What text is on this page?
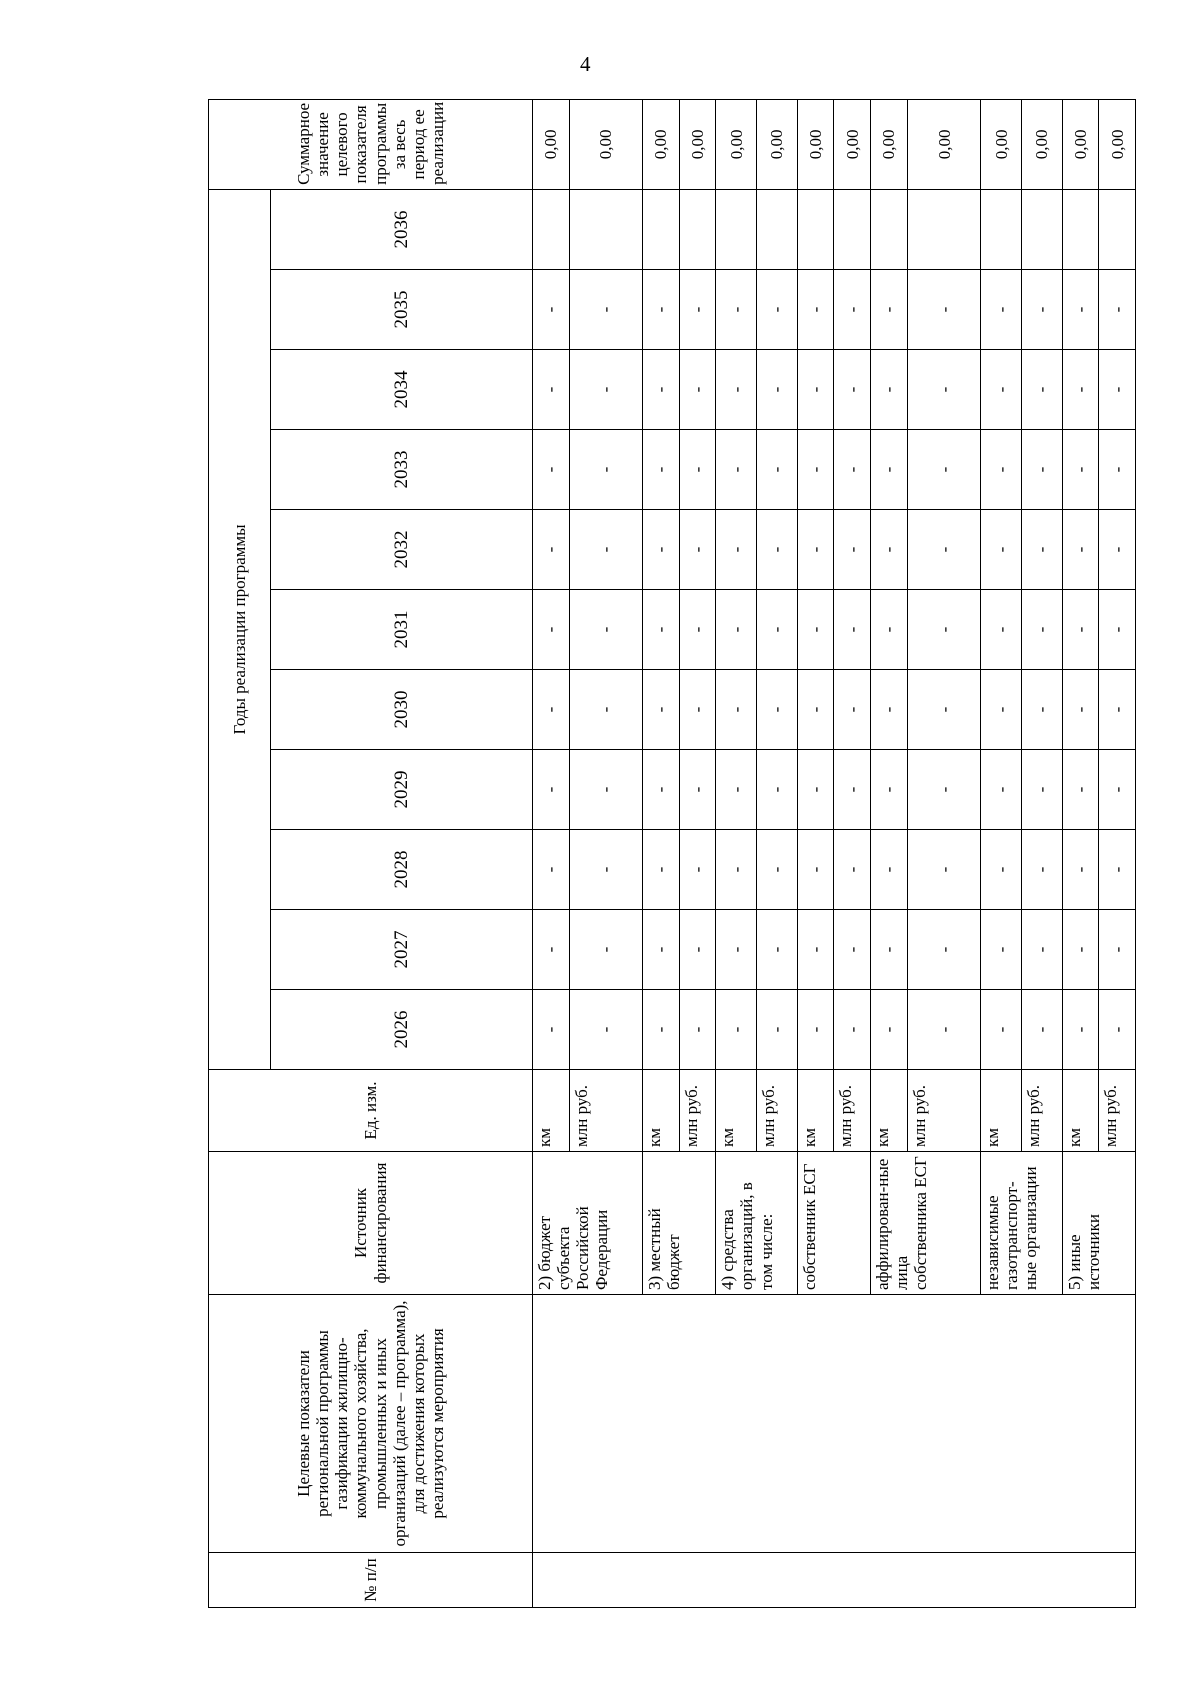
4
№ п/п	Целевые показатели региональной программы газификации жилищно-коммунального хозяйства, промышленных и иных организаций (далее – программа), для достижения которых реализуются мероприятия	Источник финансирования	Ед. изм.	Годы реализации программы											Суммарное значение целевого показателя программы за весь период ее реализации
				2026	2027	2028	2029	2030	2031	2032	2033	2034	2035	2036	
		2) бюджет субъекта Российской Федерации	км	-	-	-	-	-	-	-	-	-	-		0,00
			млн руб.	-	-	-	-	-	-	-	-	-	-		0,00
		3) местный бюджет	км	-	-	-	-	-	-	-	-	-	-		0,00
			млн руб.	-	-	-	-	-	-	-	-	-	-		0,00
		4) средства организаций, в том числе:	км	-	-	-	-	-	-	-	-	-	-		0,00
			млн руб.	-	-	-	-	-	-	-	-	-	-		0,00
		собственник ЕСГ	км	-	-	-	-	-	-	-	-	-	-		0,00
			млн руб.	-	-	-	-	-	-	-	-	-	-		0,00
		аффилирован-ные лица собственника ЕСГ	км	-	-	-	-	-	-	-	-	-	-		0,00
			млн руб.	-	-	-	-	-	-	-	-	-	-		0,00
		независимые газотранспорт-ные организации	км	-	-	-	-	-	-	-	-	-	-		0,00
			млн руб.	-	-	-	-	-	-	-	-	-	-		0,00
		5) иные источники	км	-	-	-	-	-	-	-	-	-	-		0,00
			млн руб.	-	-	-	-	-	-	-	-	-	-		0,00
